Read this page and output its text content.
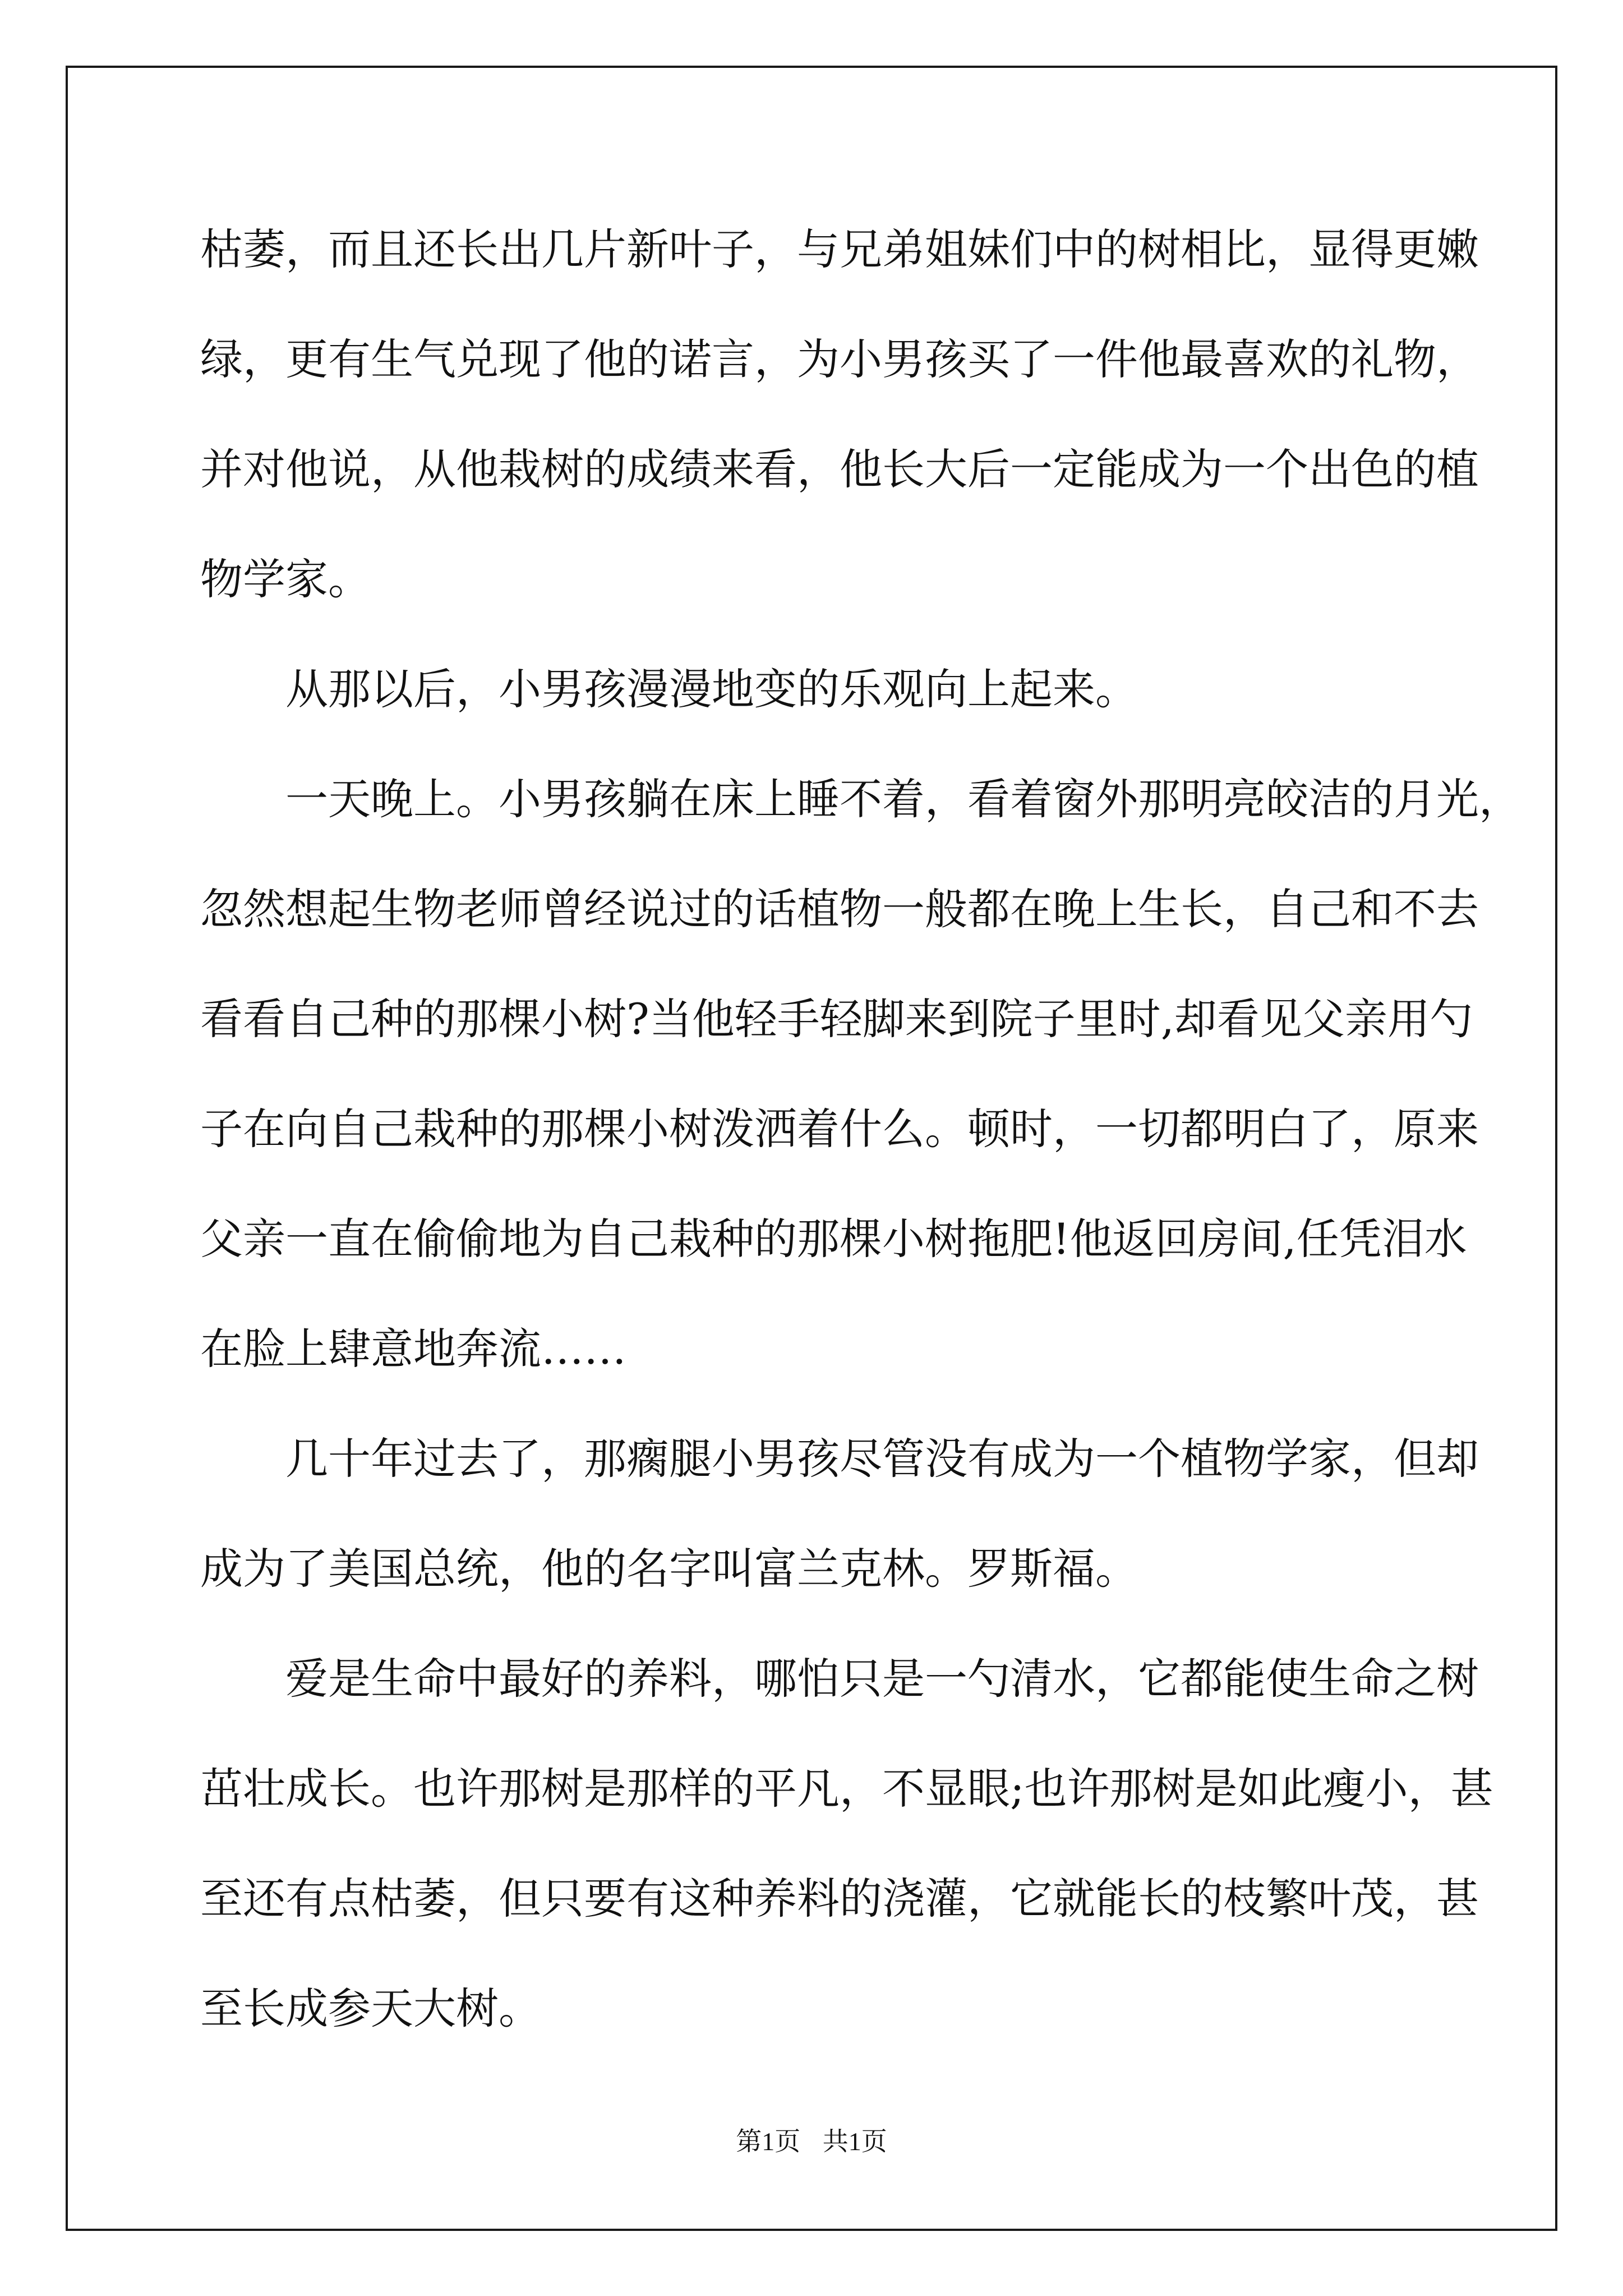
枯萎，而且还长出几片新叶子，与兄弟姐妹们中的树相比，显得更嫩
绿，更有生气兑现了他的诺言，为小男孩买了一件他最喜欢的礼物，
并对他说，从他栽树的成绩来看，他长大后一定能成为一个出色的植
物学家。
从那以后，小男孩漫漫地变的乐观向上起来。
一天晚上。小男孩躺在床上睡不着，看着窗外那明亮皎洁的月光，
忽然想起生物老师曾经说过的话植物一般都在晚上生长，自己和不去
看看自己种的那棵小树?当他轻手轻脚来到院子里时,却看见父亲用勺
子在向自己栽种的那棵小树泼洒着什么。顿时，一切都明白了，原来
父亲一直在偷偷地为自己栽种的那棵小树拖肥!他返回房间,任凭泪水
在脸上肆意地奔流……
几十年过去了，那瘸腿小男孩尽管没有成为一个植物学家，但却
成为了美国总统，他的名字叫富兰克林。罗斯福。
爱是生命中最好的养料，哪怕只是一勺清水，它都能使生命之树
茁壮成长。也许那树是那样的平凡，不显眼;也许那树是如此瘦小，甚
至还有点枯萎，但只要有这种养料的浇灌，它就能长的枝繁叶茂，甚
至长成参天大树。
第1页 共1页
